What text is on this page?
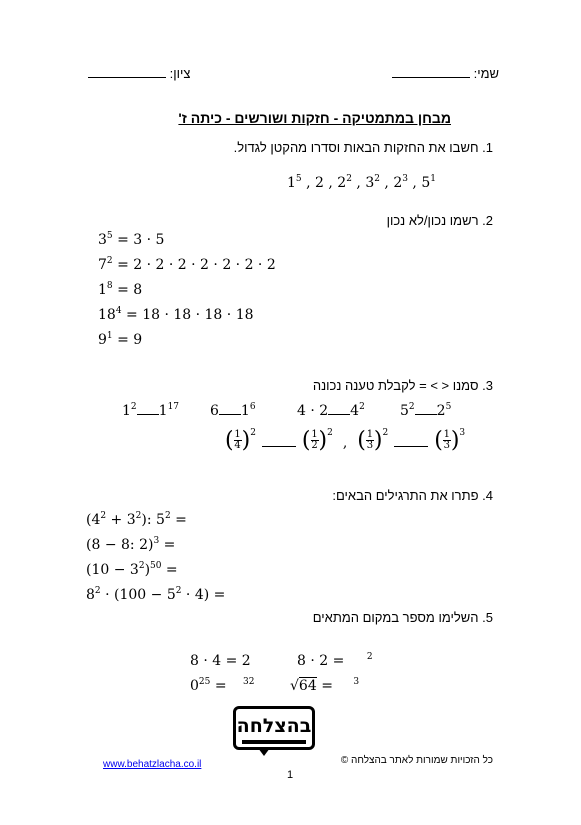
שמי:
ציון:
מבחן במתמטיקה - חזקות ושורשים - כיתה ז'
1. חשבו את החזקות הבאות וסדרו מהקטן לגדול.
$1^5$ , 2 , $2^2$ , $3^2$ , $2^3$ , $5^1$
2. רשמו נכון/לא נכון
$3^5 = 3 \cdot 5$
$7^2 = 2 \cdot 2 \cdot 2 \cdot 2 \cdot 2 \cdot 2 \cdot 2$
$1^8 = 8$
$18^4 = 18 \cdot 18 \cdot 18 \cdot 18$
$9^1 = 9$
3. סמנו < > = לקבלת טענה נכונה
$1^2$ $1^{17}$ 6 $1^6$	4 · 2 $4^2$	$5^2$ $2^5$
( $\frac{1}{4}$ ) 2 ( $\frac{1}{2}$ ) 2
, ( $\frac{1}{3}$ ) 2 ( $\frac{1}{3}$ ) 3
4. פתרו את התרגילים הבאים:
$(4^2 + 3^2)$: $5^2$ =
(8 − 8: 2)$^3$ =
$(10 - 3^2)^{50}$ =
$8^2 \cdot (100 - 5^2 \cdot 4)$ =
5. השלימו מספר במקום המתאים
8 · 4 = 2	8 · 2 = $^2$
$0^{25} = ^{32}$	√64 = $^3$
בהצלחה
www.behatzlacha.co.il	כל הזכויות שמורות לאתר בהצלחה ©
1
